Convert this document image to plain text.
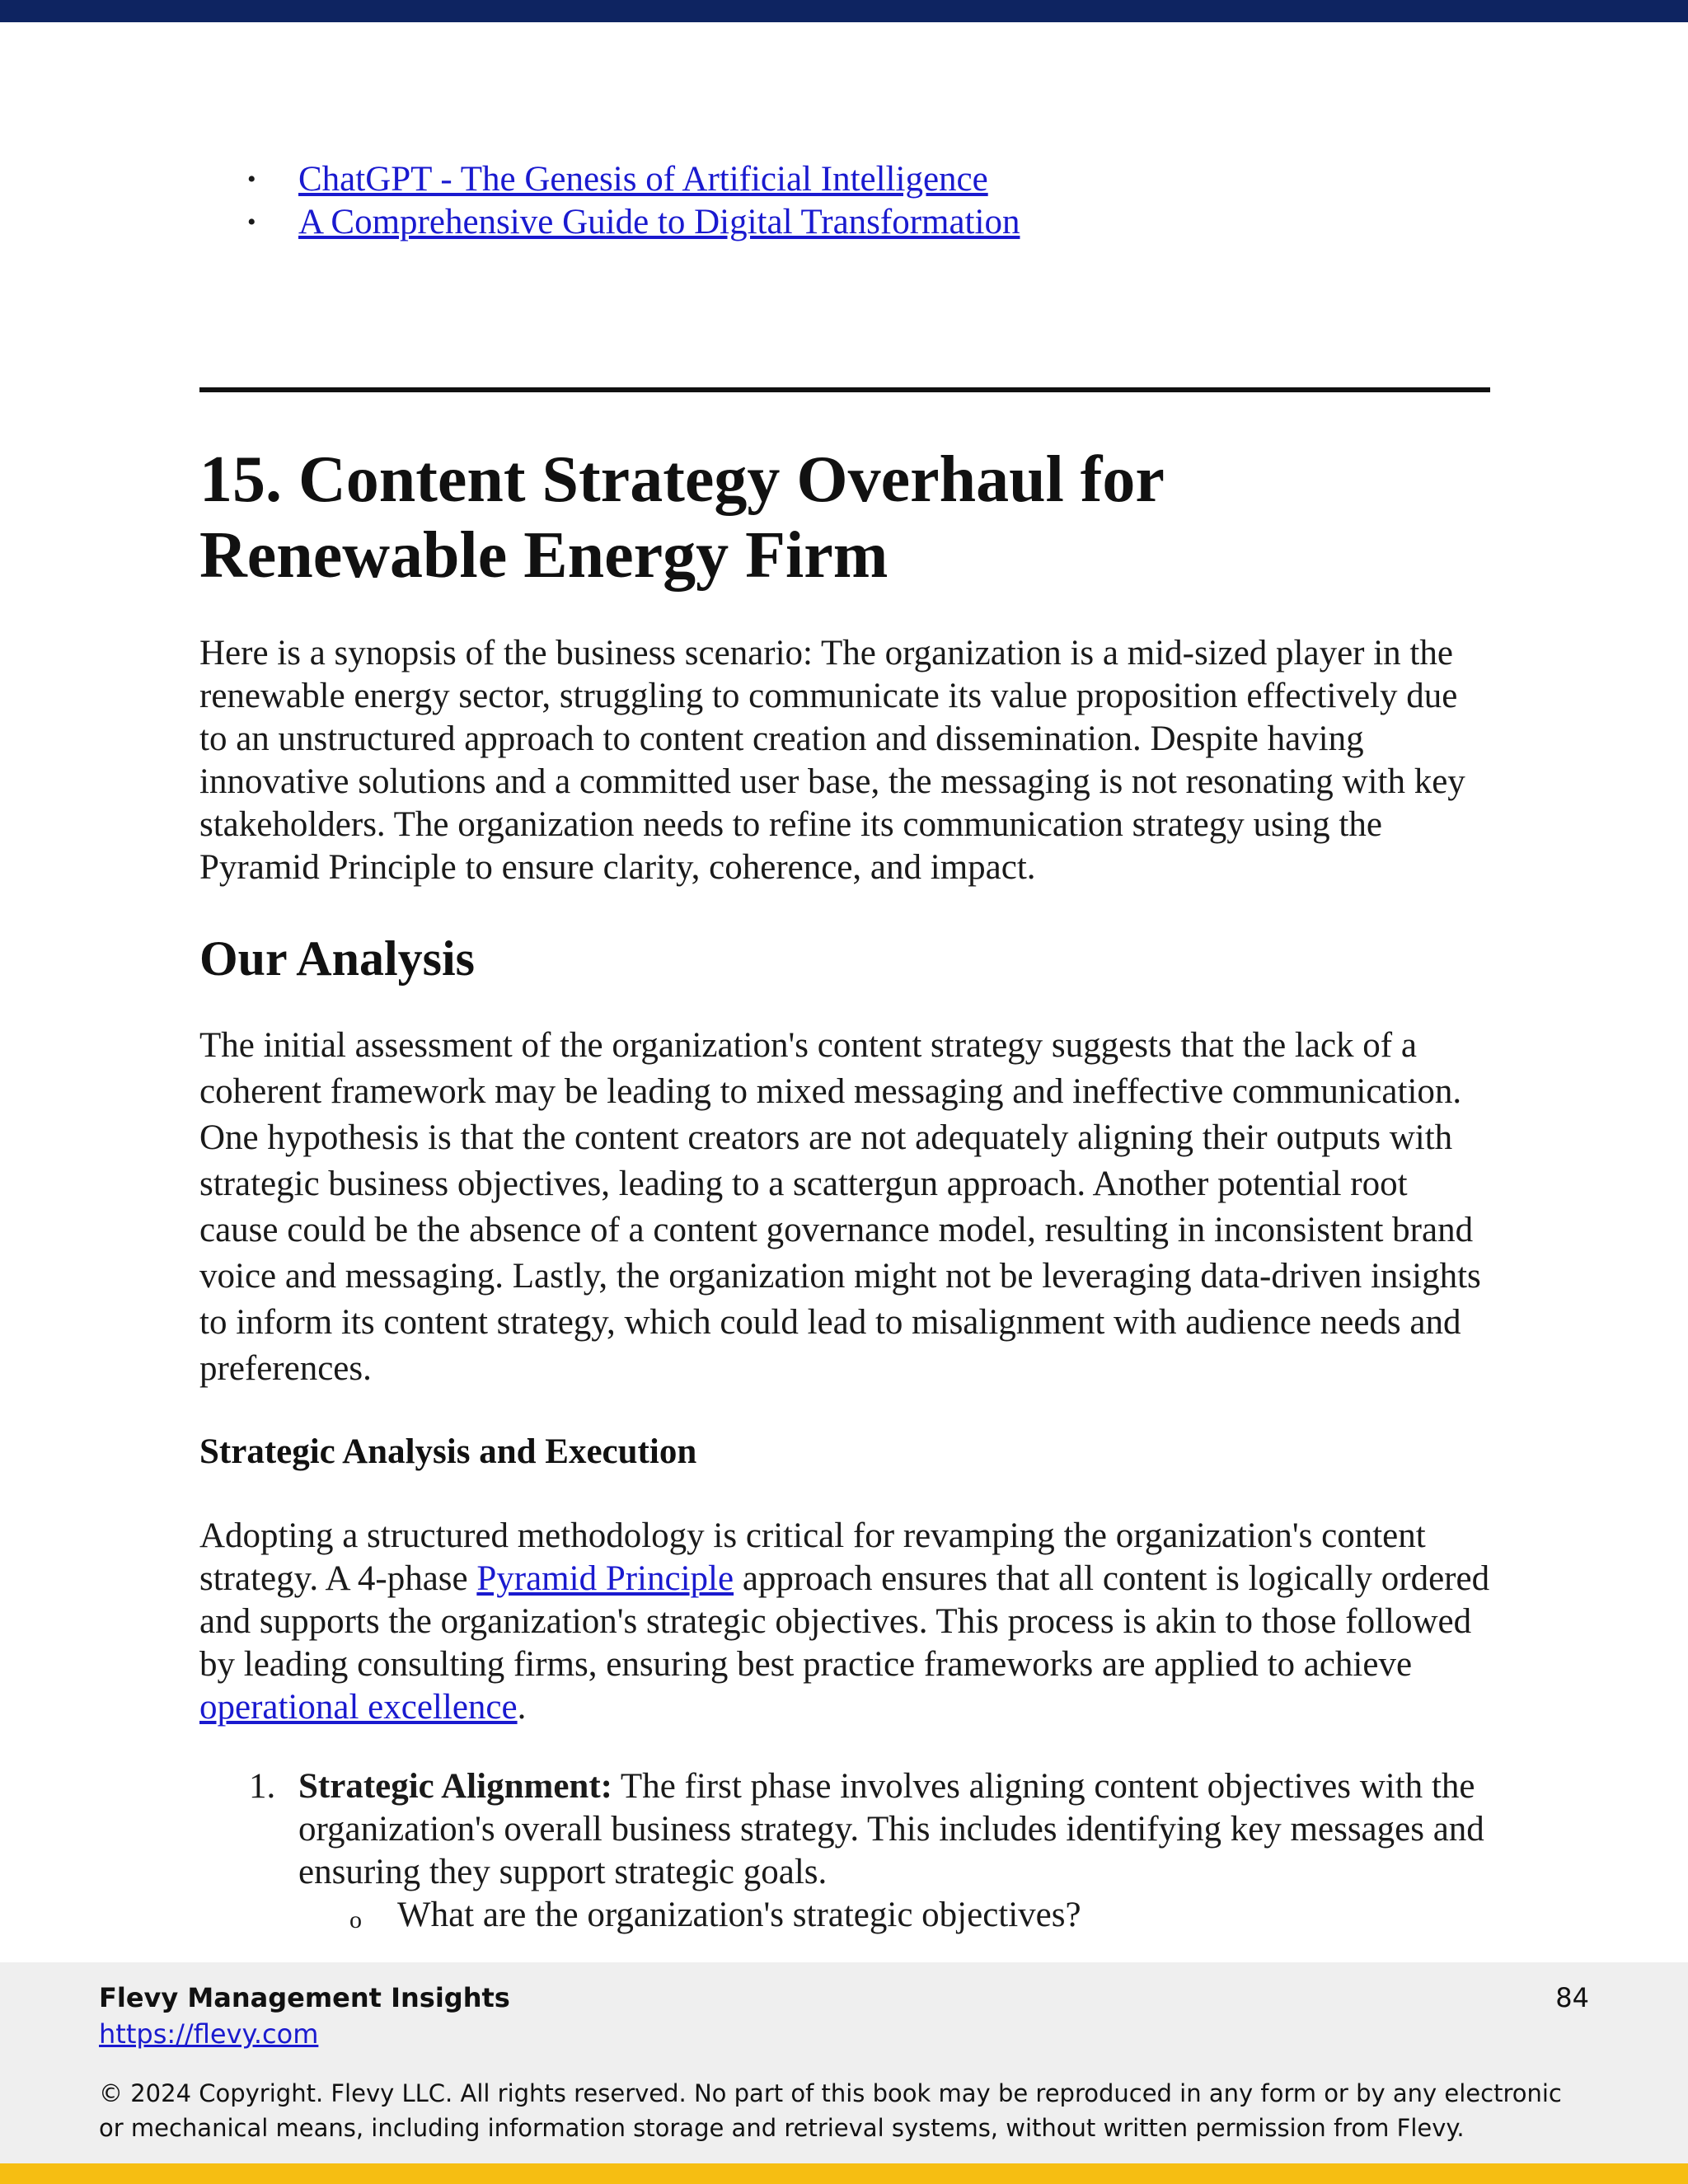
• ChatGPT - The Genesis of Artificial Intelligence
• A Comprehensive Guide to Digital Transformation
15. Content Strategy Overhaul for Renewable Energy Firm

Here is a synopsis of the business scenario: The organization is a mid-sized player in the renewable energy sector, struggling to communicate its value proposition effectively due to an unstructured approach to content creation and dissemination. Despite having innovative solutions and a committed user base, the messaging is not resonating with key stakeholders. The organization needs to refine its communication strategy using the Pyramid Principle to ensure clarity, coherence, and impact.

Our Analysis

The initial assessment of the organization's content strategy suggests that the lack of a coherent framework may be leading to mixed messaging and ineffective communication. One hypothesis is that the content creators are not adequately aligning their outputs with strategic business objectives, leading to a scattergun approach. Another potential root cause could be the absence of a content governance model, resulting in inconsistent brand voice and messaging. Lastly, the organization might not be leveraging data-driven insights to inform its content strategy, which could lead to misalignment with audience needs and preferences.

Strategic Analysis and Execution

Adopting a structured methodology is critical for revamping the organization's content strategy. A 4-phase Pyramid Principle approach ensures that all content is logically ordered and supports the organization's strategic objectives. This process is akin to those followed by leading consulting firms, ensuring best practice frameworks are applied to achieve operational excellence.

1. Strategic Alignment: The first phase involves aligning content objectives with the organization's overall business strategy. This includes identifying key messages and ensuring they support strategic goals.
o What are the organization's strategic objectives?
Flevy Management Insights
https://flevy.com
84
© 2024 Copyright. Flevy LLC. All rights reserved. No part of this book may be reproduced in any form or by any electronic or mechanical means, including information storage and retrieval systems, without written permission from Flevy.
